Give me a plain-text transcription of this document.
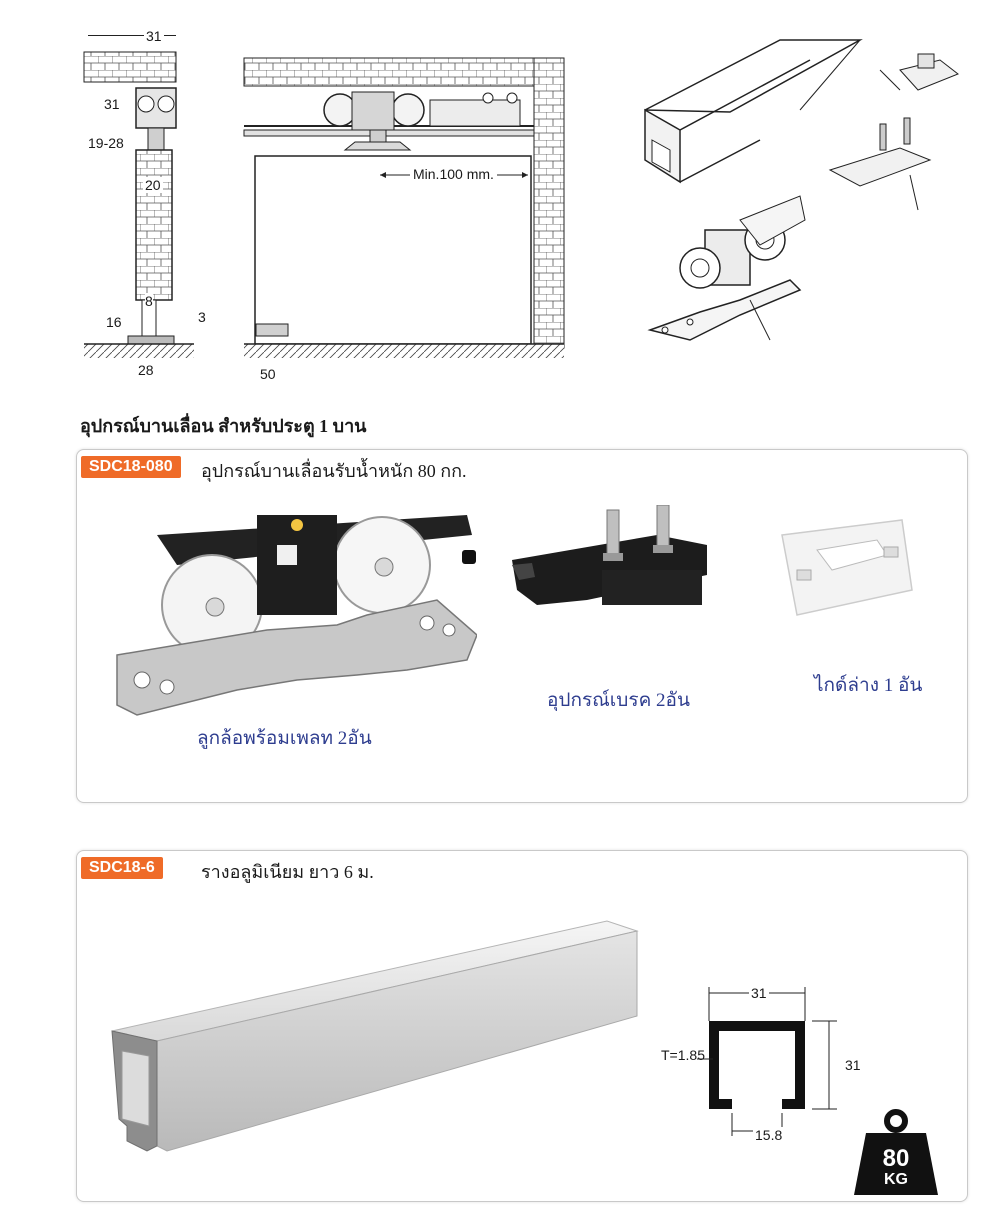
31
31
19-28
20
8
16	3
28	50
Min.100 mm.
อุปกรณ์บานเลื่อน สำหรับประตู 1 บาน
SDC18-080	อุปกรณ์บานเลื่อนรับน้ำหนัก 80 กก.
ลูกล้อพร้อมเพลท 2อัน
อุปกรณ์เบรค 2อัน
ไกด์ล่าง 1 อัน
SDC18-6	รางอลูมิเนียม ยาว 6 ม.
31
31
T=1.85
15.8
80
KG
